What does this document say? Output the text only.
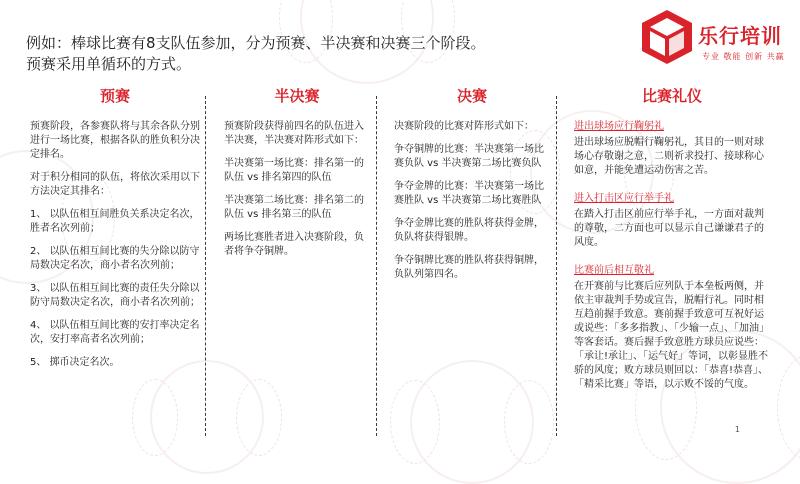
例如：棒球比赛有8支队伍参加，分为预赛、半决赛和决赛三个阶段。
预赛采用单循环的方式。
乐行培训
专业 敬能 创新 共赢
预赛

预赛阶段，各参赛队将与其余各队分别进行一场比赛，根据各队的胜负积分决定排名。

对于积分相同的队伍，将依次采用以下方法决定其排名：

1、 以队伍相互间胜负关系决定名次，胜者名次列前；

2、 以队伍相互间比赛的失分除以防守局数决定名次，商小者名次列前；

3、 以队伍相互间比赛的责任失分除以防守局数决定名次，商小者名次列前；

4、 以队伍相互间比赛的安打率决定名次，安打率高者名次列前；

5、 掷币决定名次。

半决赛

预赛阶段获得前四名的队伍进入半决赛，半决赛对阵形式如下：

半决赛第一场比赛：排名第一的队伍 vs 排名第四的队伍

半决赛第二场比赛：排名第二的队伍 vs 排名第三的队伍

两场比赛胜者进入决赛阶段，负者将争夺铜牌。

决赛

决赛阶段的比赛对阵形式如下：

争夺铜牌的比赛：半决赛第一场比赛负队 vs 半决赛第二场比赛负队

争夺金牌的比赛：半决赛第一场比赛胜队 vs 半决赛第二场比赛胜队

争夺金牌比赛的胜队将获得金牌，负队将获得银牌。

争夺铜牌比赛的胜队将获得铜牌，负队列第四名。

比赛礼仪
进出球场应行鞠躬礼
进出球场应脱帽行鞠躬礼，其目的一则对球场心存敬谢之意，二则祈求投打、接球称心如意，并能免遭运动伤害之苦。
进入打击区应行举手礼
在踏入打击区前应行举手礼，一方面对裁判的尊敬，二方面也可以显示自己谦谦君子的风度。
比赛前后相互敬礼
在开赛前与比赛后应列队于本垒板两侧，并依主审裁判手势或宣告，脱帽行礼。同时相互趋前握手致意。赛前握手致意可互祝好运或说些：「多多指教」、「少输一点」、「加油」等客套话。赛后握手致意胜方球员应说些：「承让!承让」、「运气好」等词，以彰显胜不骄的风度；败方球员则回以：「恭喜!恭喜」、「精采比赛」等语，以示败不馁的气度。
1
